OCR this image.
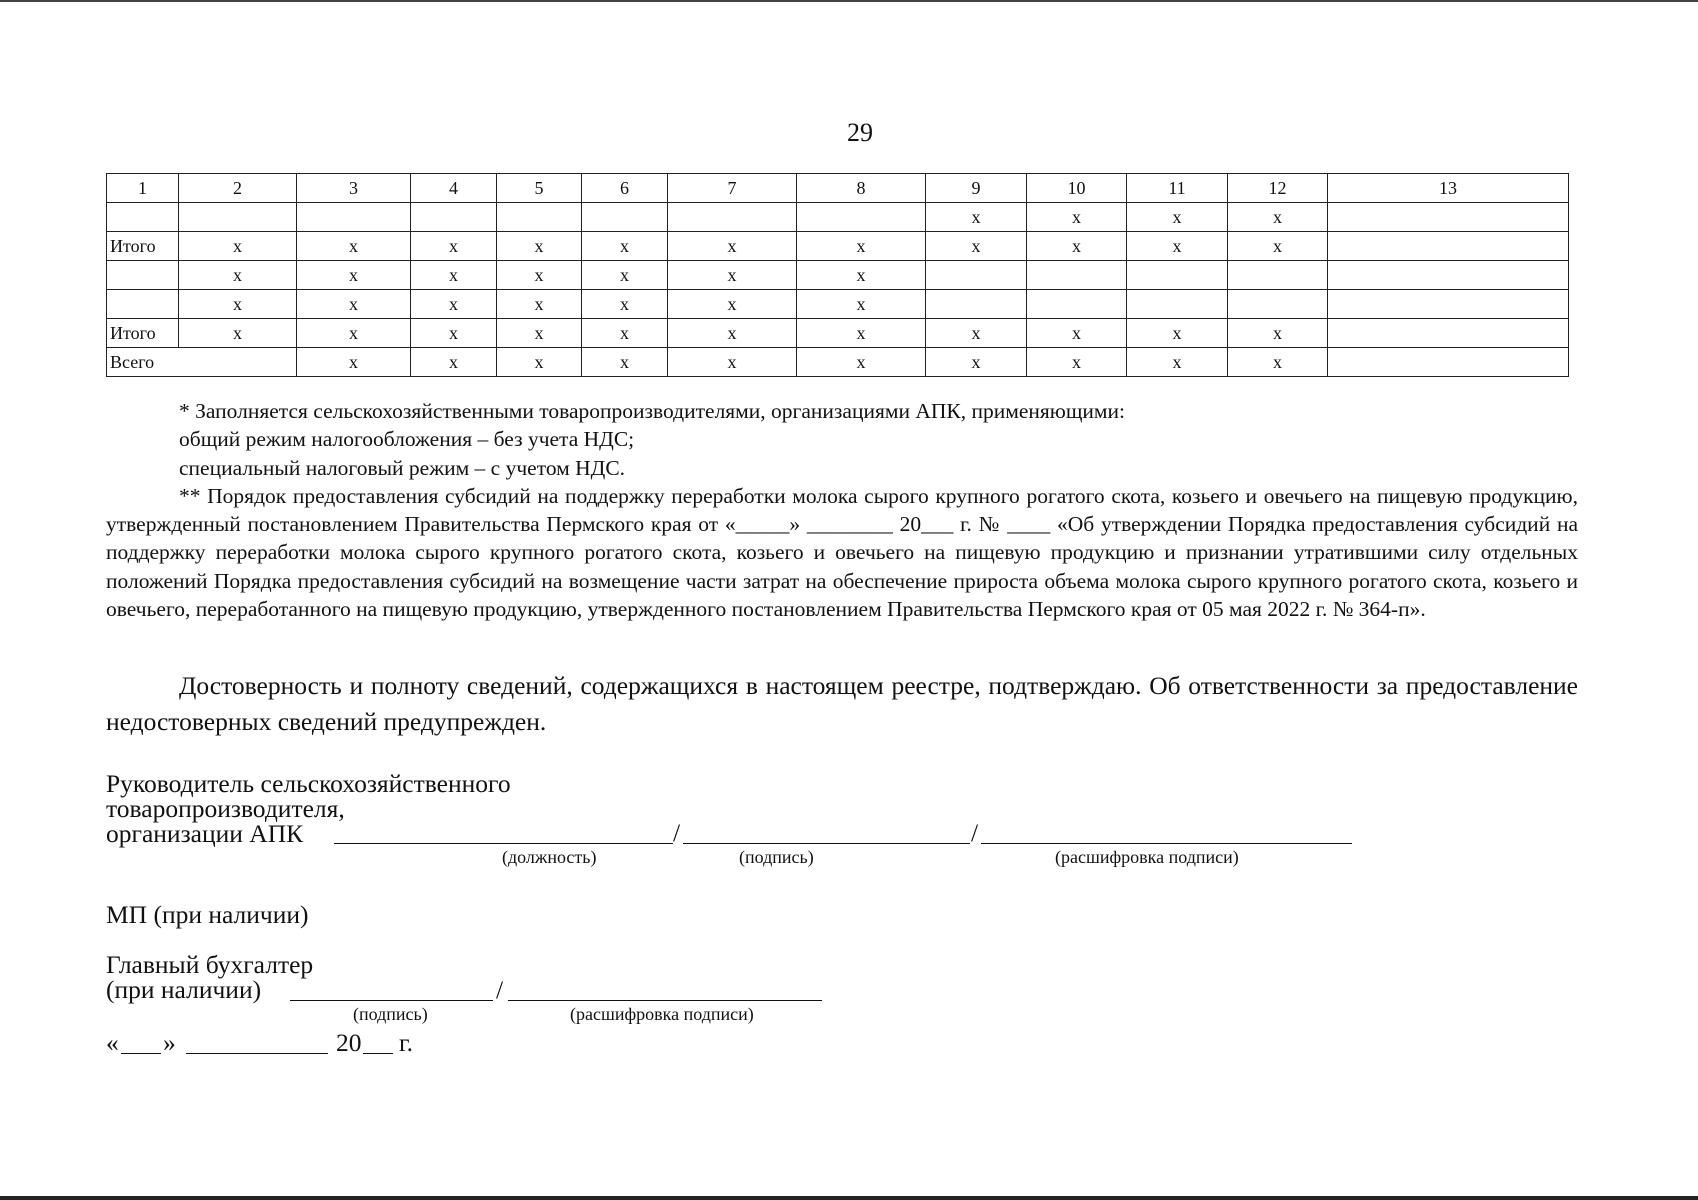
29
1	2	3	4	5	6	7	8	9	10	11	12	13
								x	x	x	x	
Итого	x	x	x	x	x	x	x	x	x	x	x	
	x	x	x	x	x	x	x					
	x	x	x	x	x	x	x					
Итого	x	x	x	x	x	x	x	x	x	x	x	
Всего		x	x	x	x	x	x	x	x	x	x	

* Заполняется сельскохозяйственными товаропроизводителями, организациями АПК, применяющими:

общий режим налогообложения – без учета НДС;

специальный налоговый режим – с учетом НДС.

** Порядок предоставления субсидий на поддержку переработки молока сырого крупного рогатого скота, козьего и овечьего на пищевую продукцию, утвержденный постановлением Правительства Пермского края от «_____» ________ 20___ г. № ____ «Об утверждении Порядка предоставления субсидий на поддержку переработки молока сырого крупного рогатого скота, козьего и овечьего на пищевую продукцию и признании утратившими силу отдельных положений Порядка предоставления субсидий на возмещение части затрат на обеспечение прироста объема молока сырого крупного рогатого скота, козьего и овечьего, переработанного на пищевую продукцию, утвержденного постановлением Правительства Пермского края от 05 мая 2022 г. № 364-п».

Достоверность и полноту сведений, содержащихся в настоящем реестре, подтверждаю. Об ответственности за предоставление недостоверных сведений предупрежден.

Руководитель сельскохозяйственного
товаропроизводителя,
организации АПК	/	/
(должность)	(подпись)	(расшифровка подписи)
МП (при наличии)
Главный бухгалтер
(при наличии)	/
(подпись)	(расшифровка подписи)
« »	20 г.
